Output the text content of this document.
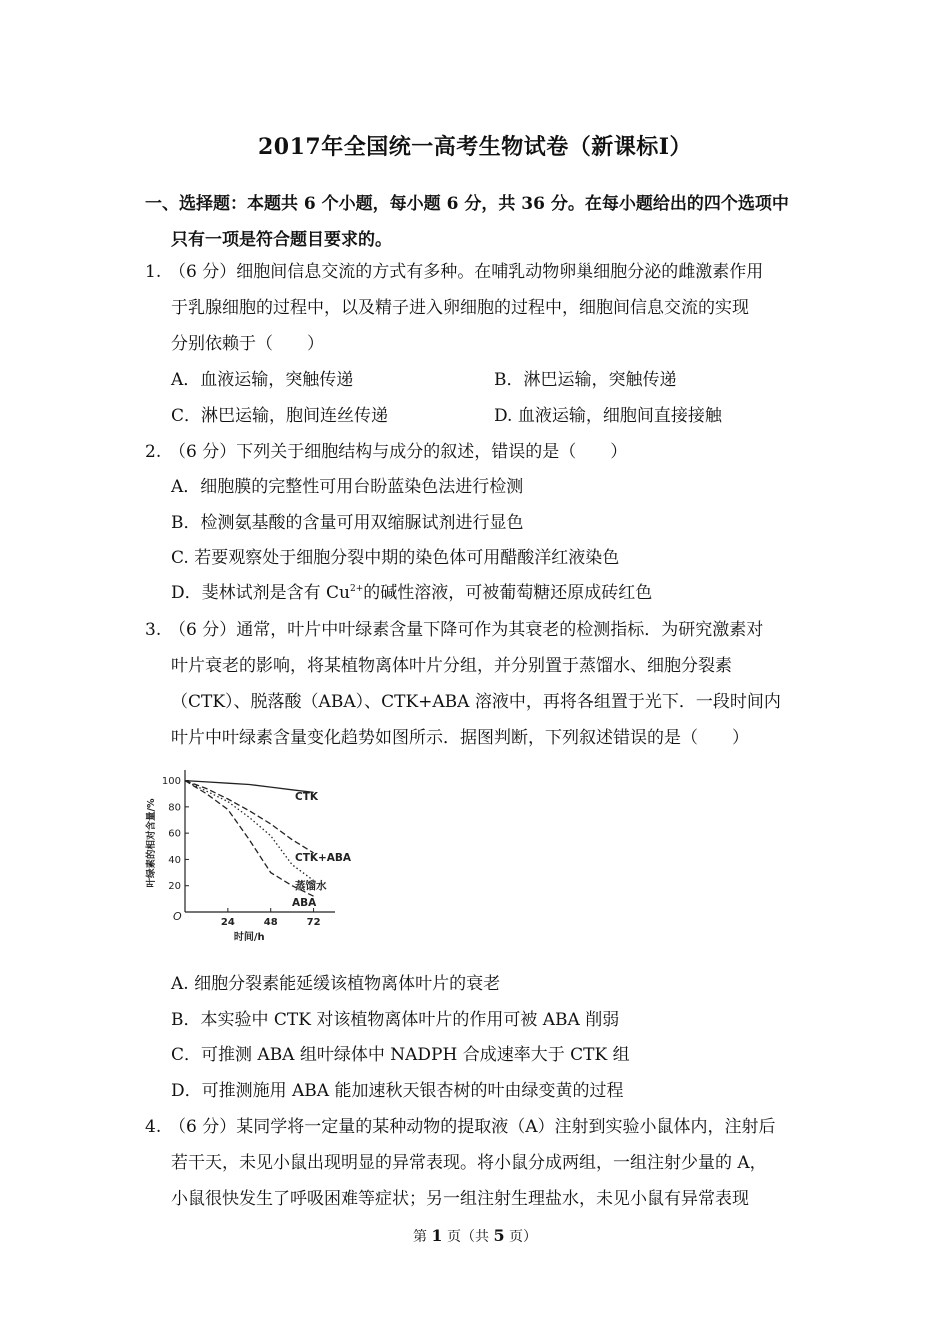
2017年全国统一高考生物试卷（新课标Ⅰ）
一、选择题：本题共 6 个小题，每小题 6 分，共 36 分。在每小题给出的四个选项中
只有一项是符合题目要求的。
1. （6 分）细胞间信息交流的方式有多种。在哺乳动物卵巢细胞分泌的雌激素作用
于乳腺细胞的过程中，以及精子进入卵细胞的过程中，细胞间信息交流的实现
分别依赖于（　　）
A．血液运输，突触传递	B．淋巴运输，突触传递
C．淋巴运输，胞间连丝传递	D. 血液运输，细胞间直接接触
2. （6 分）下列关于细胞结构与成分的叙述，错误的是（　　）
A．细胞膜的完整性可用台盼蓝染色法进行检测
B．检测氨基酸的含量可用双缩脲试剂进行显色
C. 若要观察处于细胞分裂中期的染色体可用醋酸洋红液染色
D．斐林试剂是含有 $Cu^{2+}$的碱性溶液，可被葡萄糖还原成砖红色
3. （6 分）通常，叶片中叶绿素含量下降可作为其衰老的检测指标．为研究激素对
叶片衰老的影响，将某植物离体叶片分组，并分别置于蒸馏水、细胞分裂素
（CTK）、脱落酸（ABA）、CTK+ABA 溶液中，再将各组置于光下．一段时间内
叶片中叶绿素含量变化趋势如图所示．据图判断，下列叙述错误的是（　　）
20
40
60
80
100
24	48	72
O
时间/h
叶绿素的相对含量/%
CTK
CTK+ABA
蒸馏水
ABA
A. 细胞分裂素能延缓该植物离体叶片的衰老
B．本实验中 CTK 对该植物离体叶片的作用可被 ABA 削弱
C．可推测 ABA 组叶绿体中 NADPH 合成速率大于 CTK 组
D．可推测施用 ABA 能加速秋天银杏树的叶由绿变黄的过程
4. （6 分）某同学将一定量的某种动物的提取液（A）注射到实验小鼠体内，注射后
若干天，未见小鼠出现明显的异常表现。将小鼠分成两组，一组注射少量的 A，
小鼠很快发生了呼吸困难等症状；另一组注射生理盐水，未见小鼠有异常表现
第 1 页（共 5 页）
